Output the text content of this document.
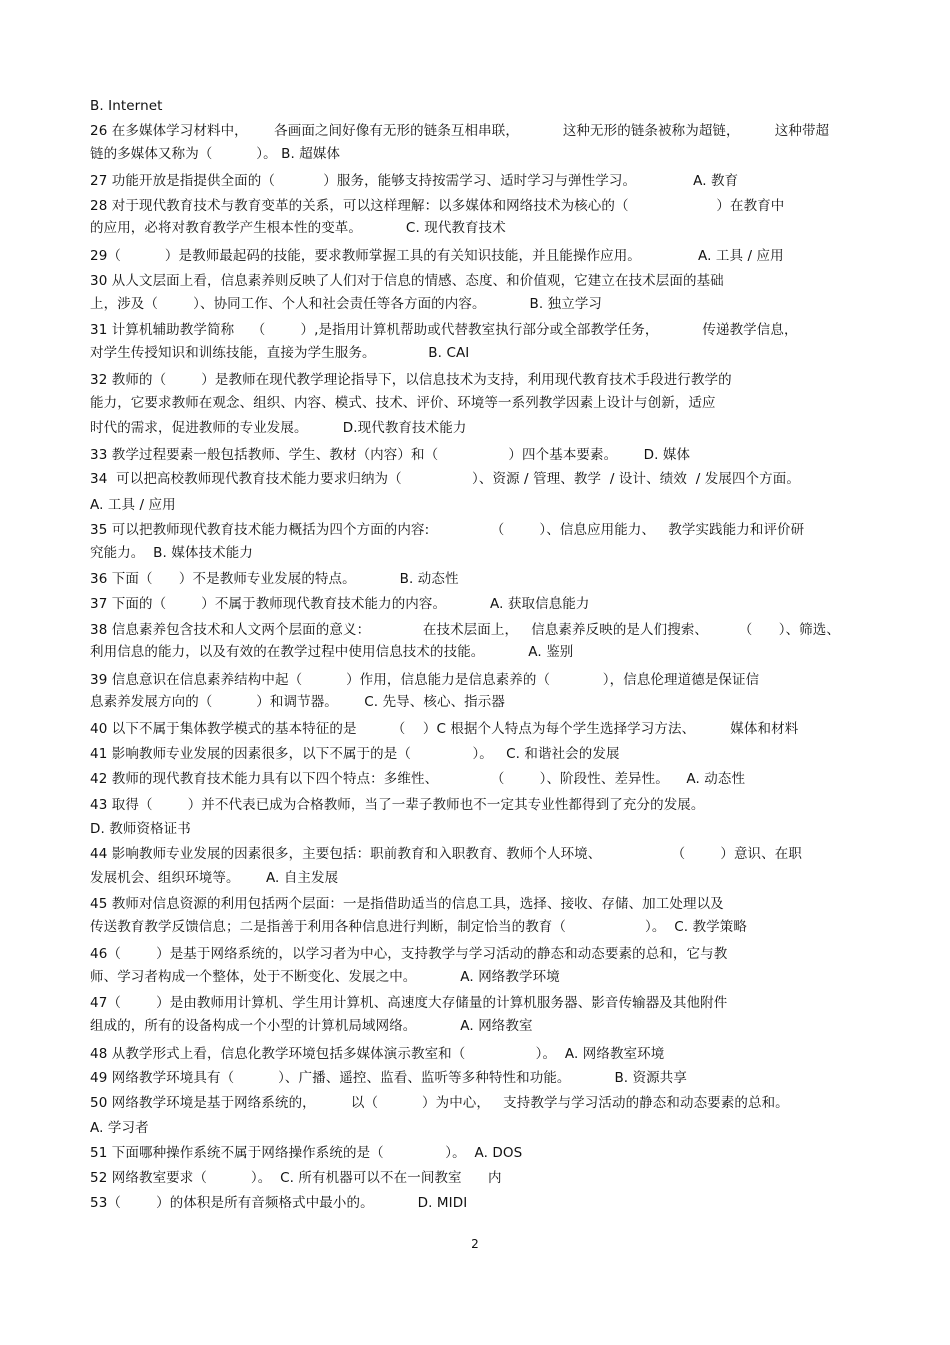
B. Internet
26 在多媒体学习材料中，      各画面之间好像有无形的链条互相串联，          这种无形的链条被称为超链，        这种带超
链的多媒体又称为（          ）。 B. 超媒体
27 功能开放是指提供全面的（           ）服务，能够支持按需学习、适时学习与弹性学习。             A. 教育
28 对于现代教育技术与教育变革的关系，可以这样理解：以多媒体和网络技术为核心的（                    ）在教育中
的应用，必将对教育教学产生根本性的变革。          C. 现代教育技术
29（          ）是教师最起码的技能，要求教师掌握工具的有关知识技能，并且能操作应用。             A. 工具 / 应用
30 从人文层面上看，信息素养则反映了人们对于信息的情感、态度、和价值观，它建立在技术层面的基础
上，涉及（        ）、协同工作、个人和社会责任等各方面的内容。          B. 独立学习
31 计算机辅助教学简称    （        ）,是指用计算机帮助或代替教室执行部分或全部教学任务，          传递教学信息，
对学生传授知识和训练技能，直接为学生服务。            B. CAI
32 教师的（        ）是教师在现代教学理论指导下，以信息技术为支持，利用现代教育技术手段进行教学的
能力，它要求教师在观念、组织、内容、模式、技术、评价、环境等一系列教学因素上设计与创新，适应
时代的需求，促进教师的专业发展。        D.现代教育技术能力
33 教学过程要素一般包括教师、学生、教材（内容）和（                ）四个基本要素。      D. 媒体
34  可以把高校教师现代教育技术能力要求归纳为（                ）、资源 / 管理、教学  / 设计、绩效  / 发展四个方面。
A. 工具 / 应用
35 可以把教师现代教育技术能力概括为四个方面的内容:              （        ）、信息应用能力、   教学实践能力和评价研
究能力。  B. 媒体技术能力
36 下面（      ）不是教师专业发展的特点。          B. 动态性
37 下面的（        ）不属于教师现代教育技术能力的内容。          A. 获取信息能力
38 信息素养包含技术和人文两个层面的意义：            在技术层面上，   信息素养反映的是人们搜索、       （      ）、筛选、
利用信息的能力，以及有效的在教学过程中使用信息技术的技能。          A. 鉴别
39 信息意识在信息素养结构中起（          ）作用，信息能力是信息素养的（            ），信息伦理道德是保证信
息素养发展方向的（          ）和调节器。      C. 先导、核心、指示器
40 以下不属于集体教学模式的基本特征的是        （    ）C 根据个人特点为每个学生选择学习方法、        媒体和材料
41 影响教师专业发展的因素很多，以下不属于的是（              ）。   C. 和谐社会的发展
42 教师的现代教育技术能力具有以下四个特点：多维性、            （        ）、阶段性、差异性。    A. 动态性
43 取得（        ）并不代表已成为合格教师，当了一辈子教师也不一定其专业性都得到了充分的发展。
D. 教师资格证书
44 影响教师专业发展的因素很多，主要包括：职前教育和入职教育、教师个人环境、                （        ）意识、在职
发展机会、组织环境等。      A. 自主发展
45 教师对信息资源的利用包括两个层面：一是指借助适当的信息工具，选择、接收、存储、加工处理以及
传送教育教学反馈信息；二是指善于利用各种信息进行判断，制定恰当的教育（                  ）。  C. 教学策略
46（        ）是基于网络系统的，以学习者为中心，支持教学与学习活动的静态和动态要素的总和，它与教
师、学习者构成一个整体，处于不断变化、发展之中。          A. 网络教学环境
47（        ）是由教师用计算机、学生用计算机、高速度大存储量的计算机服务器、影音传输器及其他附件
组成的，所有的设备构成一个小型的计算机局域网络。          A. 网络教室
48 从教学形式上看，信息化教学环境包括多媒体演示教室和（                ）。  A. 网络教室环境
49 网络教学环境具有（          ）、广播、遥控、监看、监听等多种特性和功能。          B. 资源共享
50 网络教学环境是基于网络系统的，        以（          ）为中心，   支持教学与学习活动的静态和动态要素的总和。
A. 学习者
51 下面哪种操作系统不属于网络操作系统的是（              ）。  A. DOS
52 网络教室要求（          ）。  C. 所有机器可以不在一间教室      内
53（        ）的体积是所有音频格式中最小的。          D. MIDI
2
